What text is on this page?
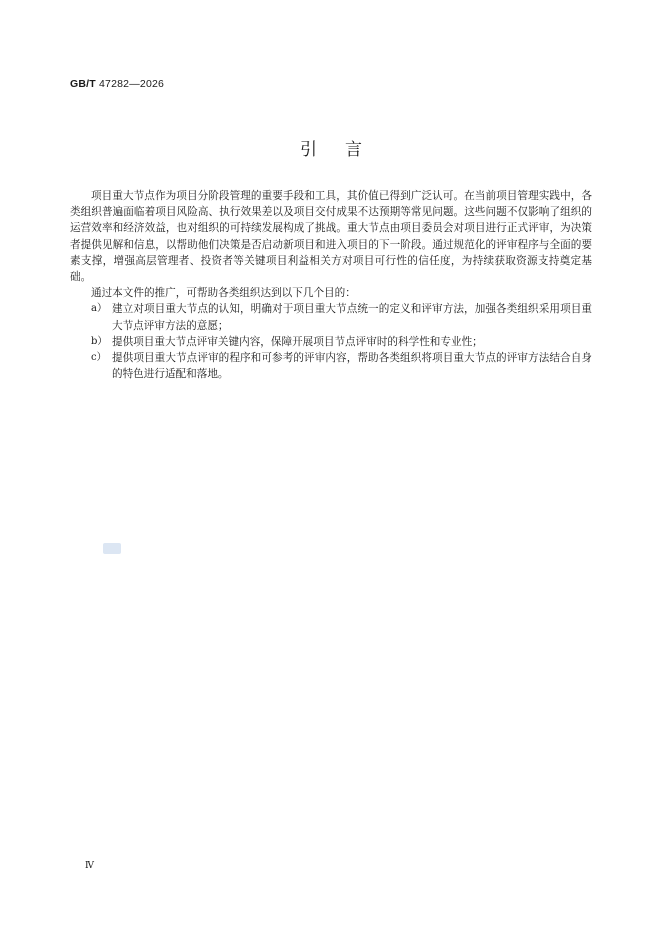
GB/T 47282—2026
引言

项目重大节点作为项目分阶段管理的重要手段和工具，其价值已得到广泛认可。在当前项目管理实践中，各类组织普遍面临着项目风险高、执行效果差以及项目交付成果不达预期等常见问题。这些问题不仅影响了组织的运营效率和经济效益，也对组织的可持续发展构成了挑战。重大节点由项目委员会对项目进行正式评审，为决策者提供见解和信息，以帮助他们决策是否启动新项目和进入项目的下一阶段。通过规范化的评审程序与全面的要素支撑，增强高层管理者、投资者等关键项目利益相关方对项目可行性的信任度，为持续获取资源支持奠定基础。

通过本文件的推广，可帮助各类组织达到以下几个目的：

a） 建立对项目重大节点的认知，明确对于项目重大节点统一的定义和评审方法，加强各类组织采用项目重大节点评审方法的意愿；
b） 提供项目重大节点评审关键内容，保障开展项目节点评审时的科学性和专业性；
c） 提供项目重大节点评审的程序和可参考的评审内容，帮助各类组织将项目重大节点的评审方法结合自身的特色进行适配和落地。
Ⅳ
